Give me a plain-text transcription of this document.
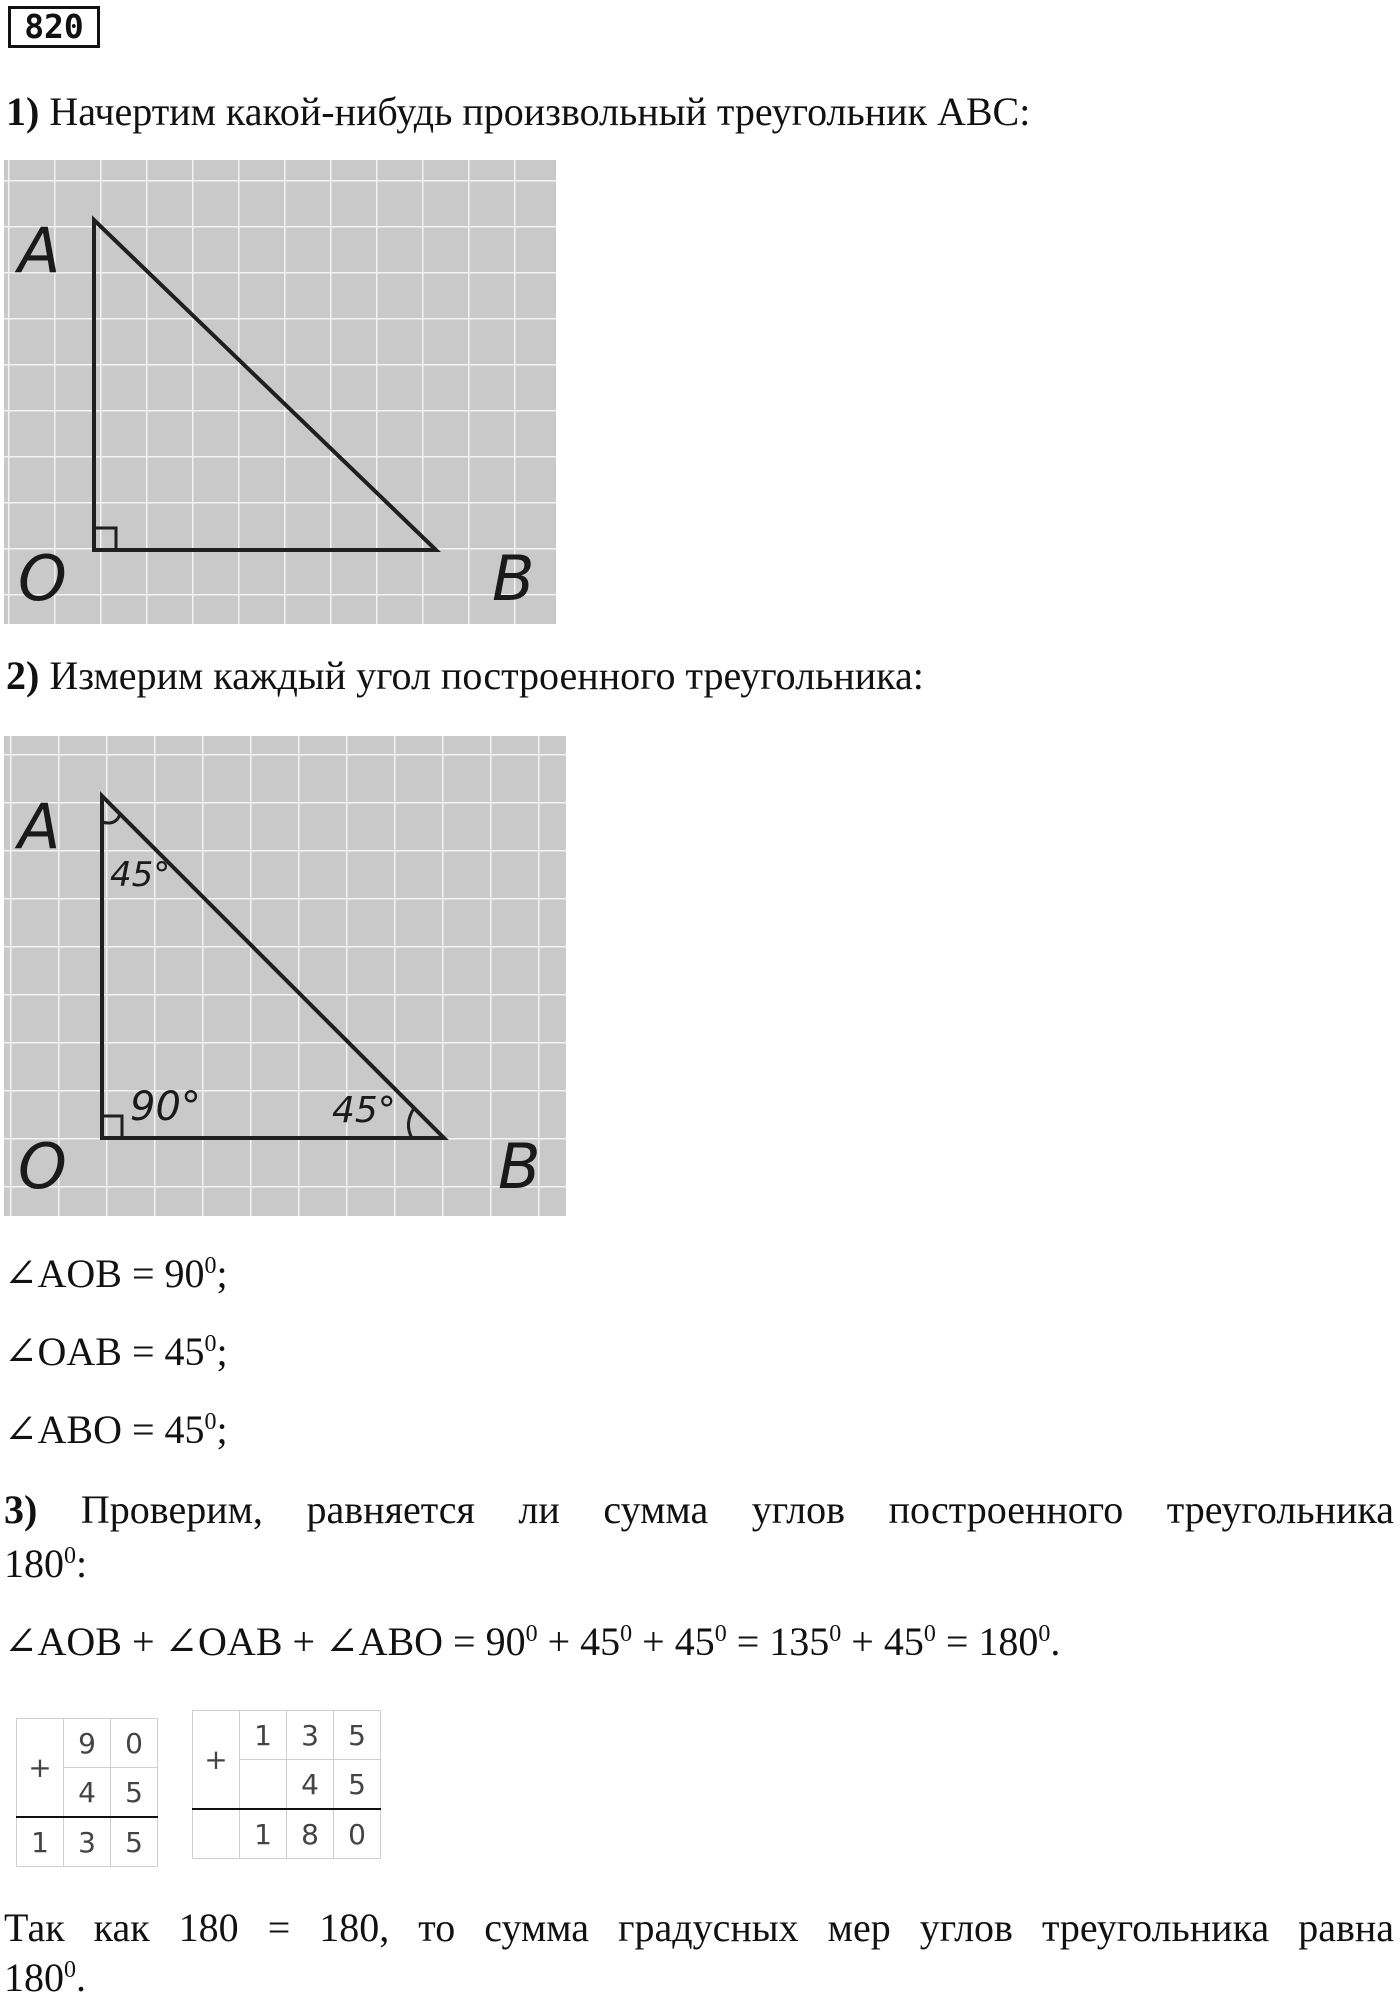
820
1) Начертим какой-нибудь произвольный треугольник ABC:
A
O	B
2) Измерим каждый угол построенного треугольника:
A
O	B
45°
90°	45°
∠AOB = $90^0$;
∠OAB = $45^0$;
∠ABO = $45^0$;
3) Проверим, равняется ли сумма углов построенного треугольника
$180^0$:
∠AOB + ∠OAB + ∠ABO = $90^0 + 45^0 + 45^0 = 135^0 + 45^0 = 180^0$.
+	9	0
	4	5
1	3	5
+	1	3	5
		4	5
	1	8	0
Так как 180 = 180, то сумма градусных мер углов треугольника равна
$180^0$.
